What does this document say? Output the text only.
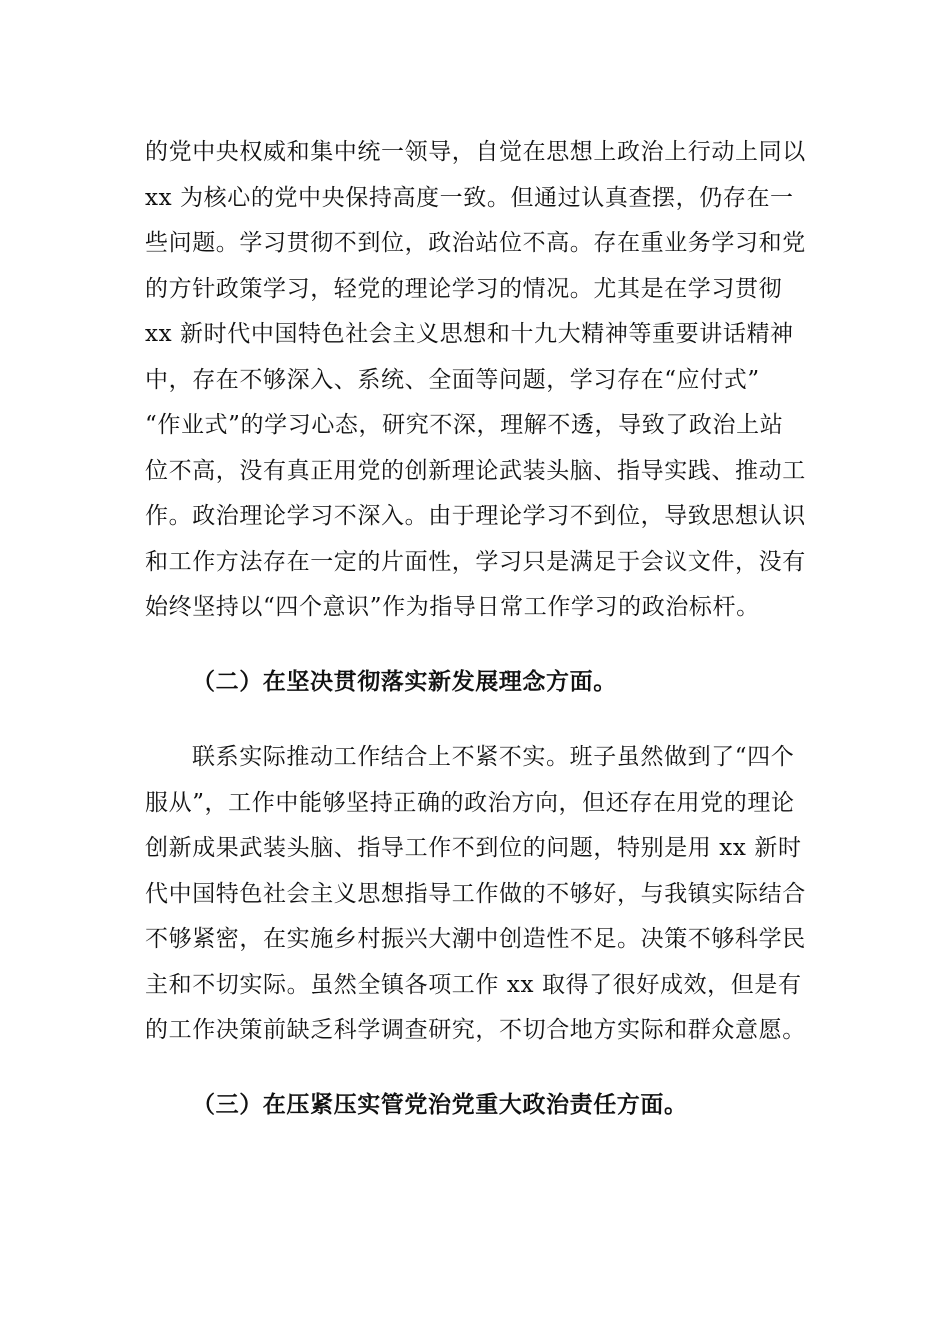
的党中央权威和集中统一领导，自觉在思想上政治上行动上同以
xx 为核心的党中央保持高度一致。但通过认真查摆，仍存在一
些问题。学习贯彻不到位，政治站位不高。存在重业务学习和党
的方针政策学习，轻党的理论学习的情况。尤其是在学习贯彻
xx 新时代中国特色社会主义思想和十九大精神等重要讲话精神
中，存在不够深入、系统、全面等问题，学习存在“应付式”
“作业式”的学习心态，研究不深，理解不透，导致了政治上站
位不高，没有真正用党的创新理论武装头脑、指导实践、推动工
作。政治理论学习不深入。由于理论学习不到位，导致思想认识
和工作方法存在一定的片面性，学习只是满足于会议文件，没有
始终坚持以“四个意识”作为指导日常工作学习的政治标杆。
（二）在坚决贯彻落实新发展理念方面。
联系实际推动工作结合上不紧不实。班子虽然做到了“四个
服从”，工作中能够坚持正确的政治方向，但还存在用党的理论
创新成果武装头脑、指导工作不到位的问题，特别是用 xx 新时
代中国特色社会主义思想指导工作做的不够好，与我镇实际结合
不够紧密，在实施乡村振兴大潮中创造性不足。决策不够科学民
主和不切实际。虽然全镇各项工作 xx 取得了很好成效，但是有
的工作决策前缺乏科学调查研究，不切合地方实际和群众意愿。
（三）在压紧压实管党治党重大政治责任方面。
